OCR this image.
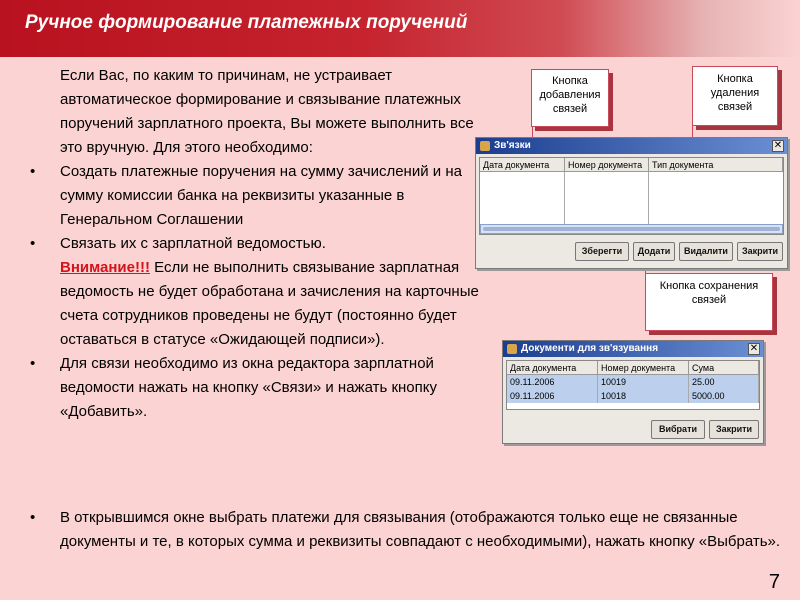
Ручное формирование платежных поручений
Если Вас, по каким то причинам, не устраивает автоматическое формирование и связывание платежных поручений зарплатного проекта, Вы можете выполнить все это вручную. Для этого необходимо:
• Создать платежные поручения на сумму зачислений и на сумму комиссии банка на реквизиты указанные в Генеральном Соглашении
• Связать их с зарплатной ведомостью.
Внимание!!! Если не выполнить связывание зарплатная ведомость не будет обработана и зачисления на карточные счета сотрудников проведены не будут (постоянно будет оставаться в статусе «Ожидающей подписи»).
• Для связи необходимо из окна редактора зарплатной ведомости нажать на кнопку «Связи» и нажать кнопку «Добавить».
• В открывшимся окне выбрать платежи для связывания (отображаются только еще не связанные документы и те, в которых сумма и реквизиты совпадают с необходимыми), нажать кнопку «Выбрать».
Кнопка добавления связей
Кнопка удаления связей
Кнопка сохранения связей
Зв'язки	✕
Дата документа	Номер документа	Тип документа
Зберегти	Додати	Видалити	Закрити
Документи для зв'язування	✕
Дата документа	Номер документа	Сума
09.11.2006	10019	25.00
09.11.2006	10018	5000.00
Вибрати	Закрити
7
